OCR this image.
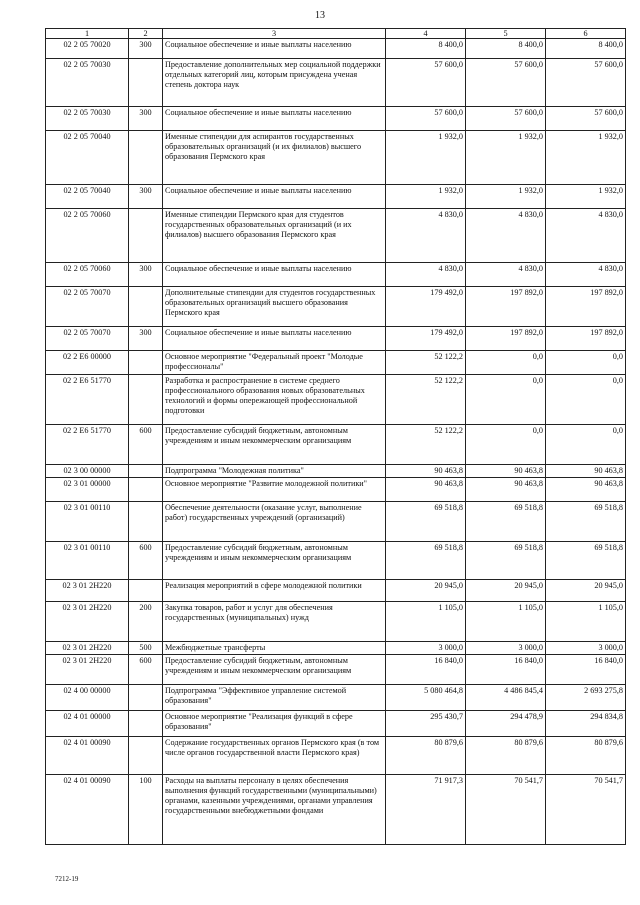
13
1	2	3	4	5	6
02 2 05 70020	300	Социальное обеспечение и иные выплаты населению	8 400,0	8 400,0	8 400,0
02 2 05 70030		Предоставление дополнительных мер социальной поддержки отдельных категорий лиц, которым присуждена ученая степень доктора наук	57 600,0	57 600,0	57 600,0
02 2 05 70030	300	Социальное обеспечение и иные выплаты населению	57 600,0	57 600,0	57 600,0
02 2 05 70040		Именные стипендии для аспирантов государственных образовательных организаций (и их филиалов) высшего образования Пермского края	1 932,0	1 932,0	1 932,0
02 2 05 70040	300	Социальное обеспечение и иные выплаты населению	1 932,0	1 932,0	1 932,0
02 2 05 70060		Именные стипендии Пермского края для студентов государственных образовательных организаций (и их филиалов) высшего образования Пермского края	4 830,0	4 830,0	4 830,0
02 2 05 70060	300	Социальное обеспечение и иные выплаты населению	4 830,0	4 830,0	4 830,0
02 2 05 70070		Дополнительные стипендии для студентов государственных образовательных организаций высшего образования Пермского края	179 492,0	197 892,0	197 892,0
02 2 05 70070	300	Социальное обеспечение и иные выплаты населению	179 492,0	197 892,0	197 892,0
02 2 Е6 00000		Основное мероприятие "Федеральный проект "Молодые профессионалы"	52 122,2	0,0	0,0
02 2 Е6 51770		Разработка и распространение в системе среднего профессионального образования новых образовательных технологий и формы опережающей профессиональной подготовки	52 122,2	0,0	0,0
02 2 Е6 51770	600	Предоставление субсидий бюджетным, автономным учреждениям и иным некоммерческим организациям	52 122,2	0,0	0,0
02 3 00 00000		Подпрограмма "Молодежная политика"	90 463,8	90 463,8	90 463,8
02 3 01 00000		Основное мероприятие "Развитие молодежной политики"	90 463,8	90 463,8	90 463,8
02 3 01 00110		Обеспечение деятельности (оказание услуг, выполнение работ) государственных учреждений (организаций)	69 518,8	69 518,8	69 518,8
02 3 01 00110	600	Предоставление субсидий бюджетным, автономным учреждениям и иным некоммерческим организациям	69 518,8	69 518,8	69 518,8
02 3 01 2Н220		Реализация мероприятий в сфере молодежной политики	20 945,0	20 945,0	20 945,0
02 3 01 2Н220	200	Закупка товаров, работ и услуг для обеспечения государственных (муниципальных) нужд	1 105,0	1 105,0	1 105,0
02 3 01 2Н220	500	Межбюджетные трансферты	3 000,0	3 000,0	3 000,0
02 3 01 2Н220	600	Предоставление субсидий бюджетным, автономным учреждениям и иным некоммерческим организациям	16 840,0	16 840,0	16 840,0
02 4 00 00000		Подпрограмма "Эффективное управление системой образования"	5 080 464,8	4 486 845,4	2 693 275,8
02 4 01 00000		Основное мероприятие "Реализация функций в сфере образования"	295 430,7	294 478,9	294 834,8
02 4 01 00090		Содержание государственных органов Пермского края (в том числе органов государственной власти Пермского края)	80 879,6	80 879,6	80 879,6
02 4 01 00090	100	Расходы на выплаты персоналу в целях обеспечения выполнения функций государственными (муниципальными) органами, казенными учреждениями, органами управления государственными внебюджетными фондами	71 917,3	70 541,7	70 541,7
7212-19
